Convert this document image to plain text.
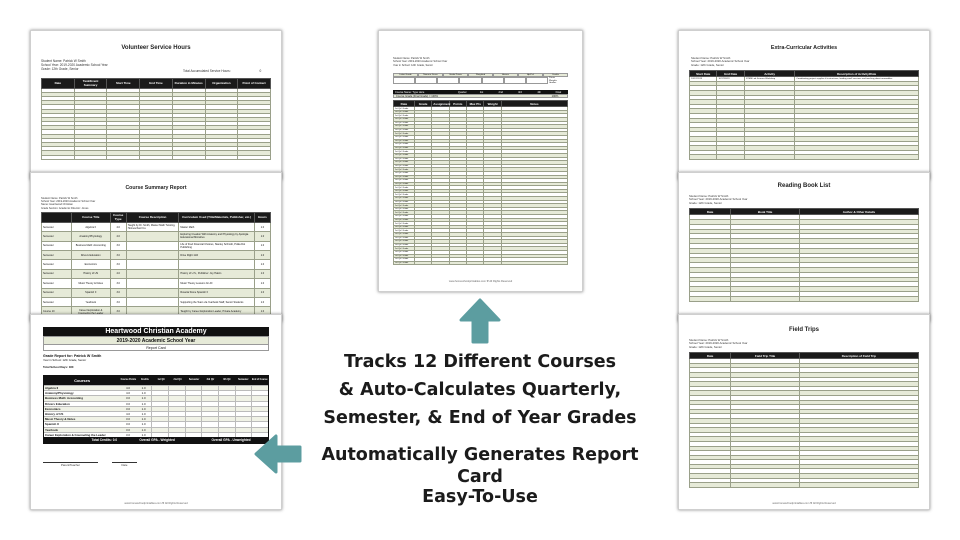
Volunteer Service Hours
Student Name: Patrick W Smith
School Year: 2019-2020 Academic School Year
Grade: 12th Grade, Senior	Total Accumulated Service Hours:	0
Date	Task/Event Summary	Start Time	End Time	Duration in Minutes	Organization	Point of Contact

Course Summary Report
Student Name: Patrick W Smith
School Year: 2019-2020 Academic School Year
Name: Heartwood Christian
Grade Section: Academic Director: Jones
	Course Title	Course Type	Course Description	Curriculum Used (Title/Materials, Publisher, etc.)	Hours
Semester	Algebra II	4.0	Taught by Dr. Smith, Master Math Tutoring, Homeschool Co.	Master Math	1.0
Semester	Anatomy/Physiology	4.0		Exploring Creation With Anatomy and Physiology by Apologia Educational Ministries	1.0
Semester	Business Math: Accounting	3.0		Life of Fred Financial Choices, Stanley Schmidt, Polka Dot Publishing	1.0
Semester	Drivers Education	3.0		Drive Right 11th	1.0
Semester	Economics	3.0			1.0
Semester	History of US	4.0		History of U.S., Publisher: Joy Hakim	1.0
Semester	Music Theory & Notes	3.0		Music Theory Lessons for All	1.0
Semester	Spanish II	3.0		Rosetta Stone Spanish II	1.0
Semester	Yearbook	3.0		Supporting the Team via Yearbook Staff, Senior Students	1.0
Course 10	Career Exploration &	3.0		Taught by Career Exploration Leader, Private Academy	1.0
Heartwood Christian Academy
2019-2020 Academic School Year
Report Card
Grade Report for: Patrick W Smith
Year in School: 12th Grade, Senior
Total School Days: 180
Courses	Course Points	Credits	1st Qtr	2nd Qtr	Semester	3rd Qtr	4th Qtr	Semester	End of Course
Algebra II	4.0	1.0
Anatomy/Physiology	4.0	1.0
Business Math: Accounting	3.0	1.0
Drivers Education	3.0	1.0
Economics	3.0	1.0
History of US	4.0	1.0
Music Theory & Notes	3.0	1.0
Spanish II	3.0	1.0
Yearbook	3.0	1.0
Career Exploration & Counseling the Leader	3.0	1.0
Total Credits: 0.0	Overall GPA - Weighted	Overall GPA - Unweighted
Parent/Teacher	Date
www.homeschoolprintables.com ❤ All Rights Reserved
Student Name: Patrick W Smith
School Year: 2019-2020 Academic School Year
Year in School: 12th Grade, Senior
Letter Grade	Numeric Score	Grade Points	Weighted	Honors	Ap/Col	Credits
Points
Weights
Grades
Course Name: Type Here	Quarter	1st	2nd	3rd	4th	Final
Course Grade (Final Grade) = 100%	100%
Date	Grade	Assignment	Points	Max Pts	Weight	Notes
1st Qtr / Grade						
1st Qtr / Grade						
1st Qtr / Grade						
1st Qtr / Grade						
1st Qtr / Grade						
1st Qtr / Grade						
1st Qtr / Grade						
1st Qtr / Grade						
1st Qtr / Grade						
1st Qtr / Grade						
1st Qtr / Grade						
1st Qtr / Grade						
1st Qtr / Grade						
1st Qtr / Grade						
1st Qtr / Grade						
1st Qtr / Grade						
1st Qtr / Grade						
1st Qtr / Grade						
1st Qtr / Grade						
1st Qtr / Grade						
1st Qtr / Grade						
1st Qtr / Grade						
1st Qtr / Grade						
1st Qtr / Grade						
1st Qtr / Grade						
1st Qtr / Grade						
1st Qtr / Grade						
1st Qtr / Grade						
1st Qtr / Grade						
1st Qtr / Grade						
1st Qtr / Grade						
1st Qtr / Grade						
1st Qtr / Grade						
1st Qtr / Grade						
1st Qtr / Grade						
1st Qtr / Grade						
1st Qtr / Grade						
1st Qtr / Grade						
1st Qtr / Grade						
1st Qtr / Grade						
1st Qtr / Grade						
1st Qtr / Grade						
1st Qtr / Grade						
1st Qtr / Grade						
www.homeschoolprintables.com ❤ All Rights Reserved
Extra-Curricular Activities
Student Name: Patrick W Smith
School Year: 2019-2020 Academic School Year
Grade: 12th Grade, Senior
Start Date	End Date	Activity	Description of Activity/Role
10/12/2019	10/17/2019	STEM Lab Science Workshop	Coordinating project supplies & instructions; leading small sessions and teaching about renewables

Reading Book List
Student Name: Patrick W Smith
School Year: 2019-2020 Academic School Year
Grade: 12th Grade, Senior
Date	Book Title	Author & Other Details

Field Trips
Student Name: Patrick W Smith
School Year: 2019-2020 Academic School Year
Grade: 12th Grade, Senior
Date	Field Trip Title	Description of Field Trip

www.homeschoolprintables.com ❤ All Rights Reserved
Tracks 12 Different Courses
& Auto-Calculates Quarterly,
Semester, & End of Year Grades
Automatically Generates Report Card
Easy-To-Use
